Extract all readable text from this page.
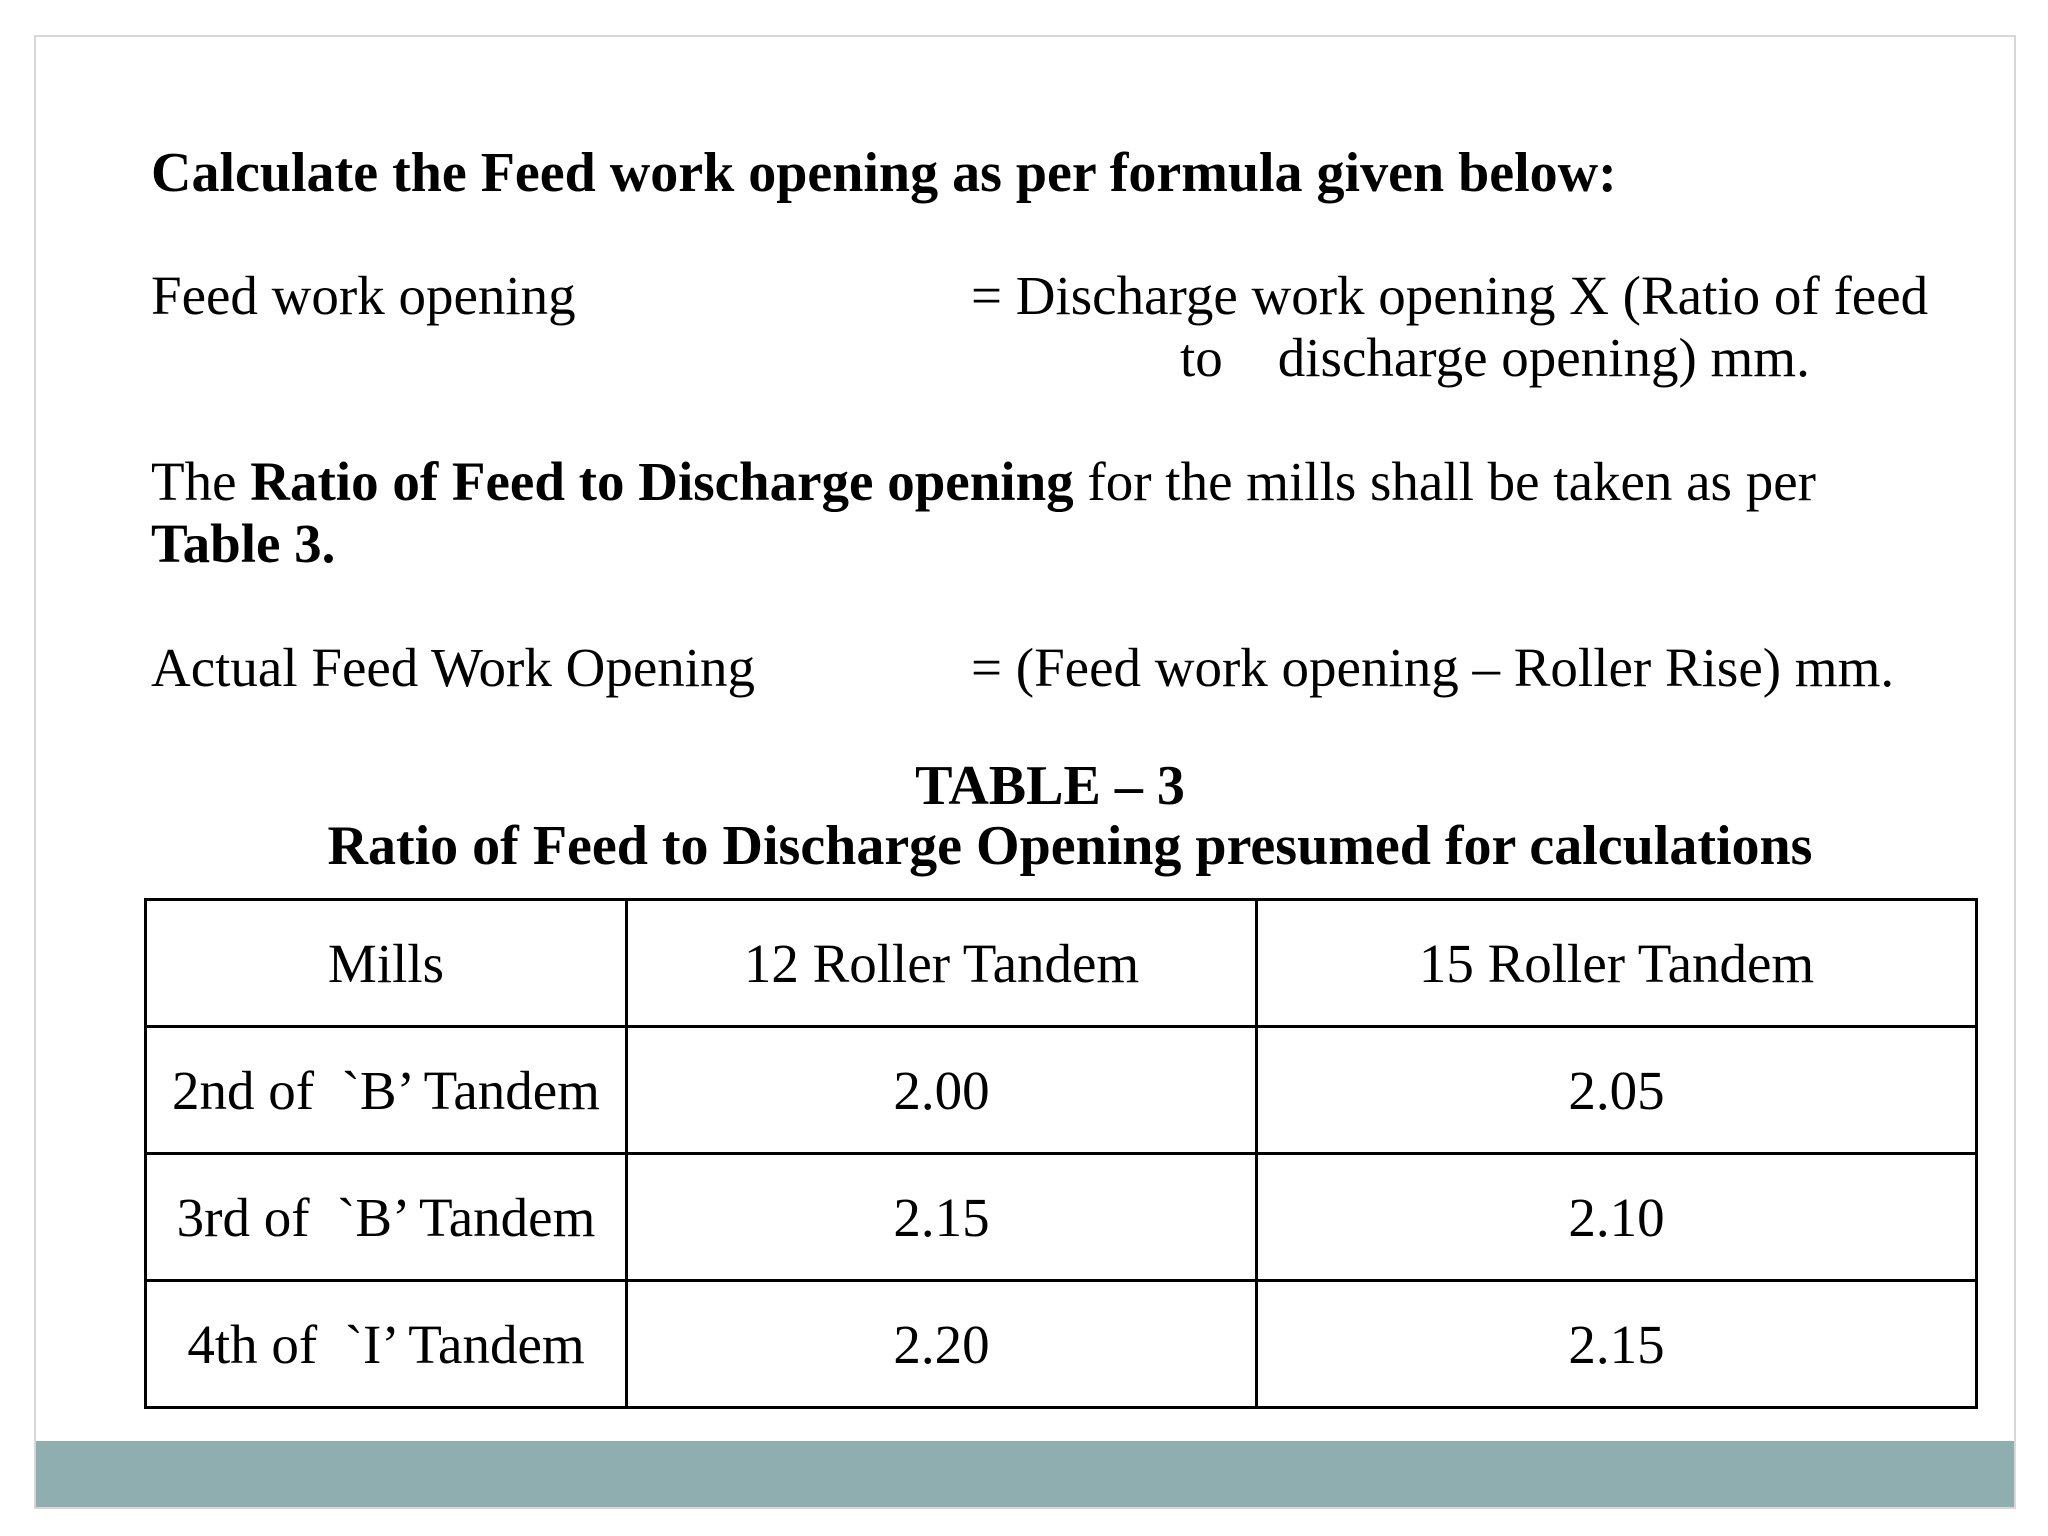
Calculate the Feed work opening as per formula given below:
Feed work opening	= Discharge work opening X (Ratio of feed
to    discharge opening) mm.
The Ratio of Feed to Discharge opening for the mills shall be taken as per
Table 3.
Actual Feed Work Opening	= (Feed work opening – Roller Rise) mm.
TABLE – 3
Ratio of Feed to Discharge Opening presumed for calculations
Mills	12 Roller Tandem	15 Roller Tandem
2nd of  `B’ Tandem	2.00	2.05
3rd of  `B’ Tandem	2.15	2.10
4th of  `I’ Tandem	2.20	2.15
